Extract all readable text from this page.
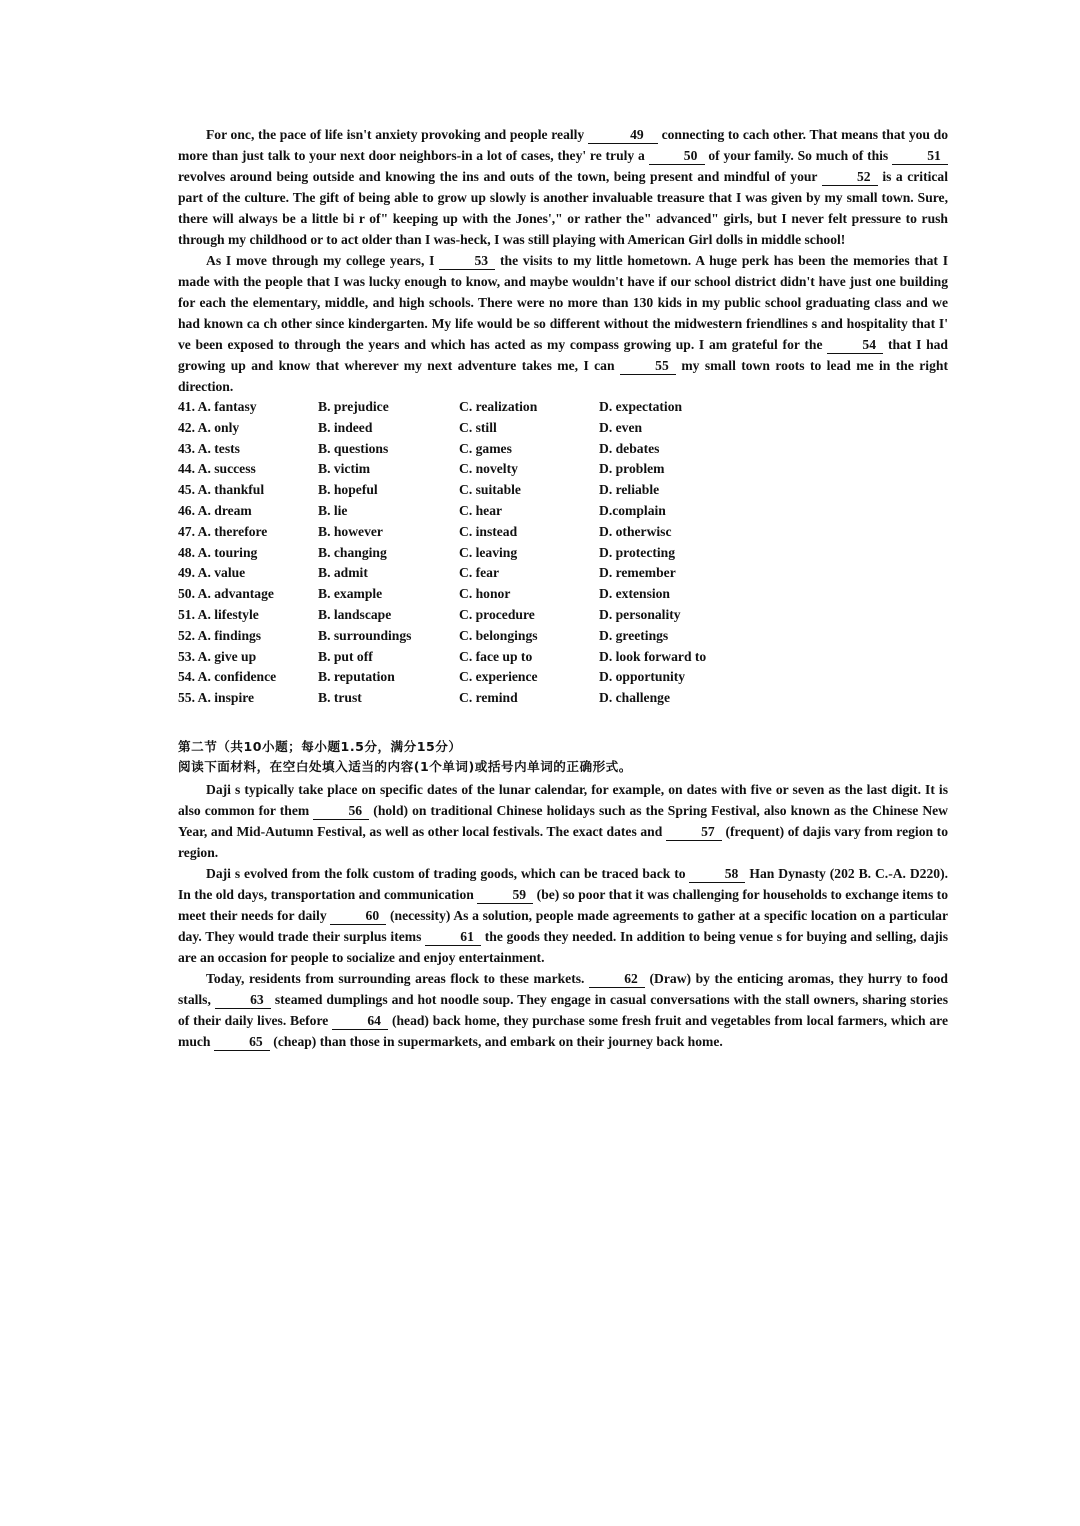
For onc, the pace of life isn't anxiety provoking and people really	49 connecting to cach other. That means that you do more than just talk to your next door neighbors-in a lot of cases, they' re truly a	50 of your family. So much of this	51 revolves around being outside and knowing the ins and outs of the town, being present and mindful of your	52 is a critical part of the culture. The gift of being able to grow up slowly is another invaluable treasure that I was given by my small town. Sure, there will always be a little bi r of" keeping up with the Jones'," or rather the" advanced" girls, but I never felt pressure to rush through my childhood or to act older than I was-heck, I was still playing with American Girl dolls in middle school!

As I move through my college years, I	53 the visits to my little hometown. A huge perk has been the memories that I made with the people that I was lucky enough to know, and maybe wouldn't have if our school district didn't have just one building for each the elementary, middle, and high schools. There were no more than 130 kids in my public school graduating class and we had known ca ch other since kindergarten. My life would be so different without the midwestern friendlines s and hospitality that I' ve been exposed to through the years and which has acted as my compass growing up. I am grateful for the	54 that I had growing up and know that wherever my next adventure takes me, I can	55 my small town roots to lead me in the right direction.

41. A. fantasy	B. prejudice	C. realization	D. expectation
42. A. only	B. indeed	C. still	D. even
43. A. tests	B. questions	C. games	D. debates
44. A. success	B. victim	C. novelty	D. problem
45. A. thankful	B. hopeful	C. suitable	D. reliable
46. A. dream	B. lie	C. hear	D.complain
47. A. therefore	B. however	C. instead	D. otherwisc
48. A. touring	B. changing	C. leaving	D. protecting
49. A. value	B. admit	C. fear	D. remember
50. A. advantage	B. example	C. honor	D. extension
51. A. lifestyle	B. landscape	C. procedure	D. personality
52. A. findings	B. surroundings	C. belongings	D. greetings
53. A. give up	B. put off	C. face up to	D. look forward to
54. A. confidence	B. reputation	C. experience	D. opportunity
55. A. inspire	B. trust	C. remind	D. challenge
第二节（共10小题；每小题1.5分，满分15分）
阅读下面材料，在空白处填入适当的内容(1个单词)或括号内单词的正确形式。

Daji s typically take place on specific dates of the lunar calendar, for example, on dates with five or seven as the last digit. It is also common for them	56 (hold) on traditional Chinese holidays such as the Spring Festival, also known as the Chinese New Year, and Mid-Autumn Festival, as well as other local festivals. The exact dates and	57 (frequent) of dajis vary from region to region.

Daji s evolved from the folk custom of trading goods, which can be traced back to	58 Han Dynasty (202 B. C.-A. D220). In the old days, transportation and communication	59 (be) so poor that it was challenging for households to exchange items to meet their needs for daily	60 (necessity) As a solution, people made agreements to gather at a specific location on a particular day. They would trade their surplus items	61 the goods they needed. In addition to being venue s for buying and selling, dajis are an occasion for people to socialize and enjoy entertainment.

Today, residents from surrounding areas flock to these markets.	62 (Draw) by the enticing aromas, they hurry to food stalls,	63 steamed dumplings and hot noodle soup. They engage in casual conversations with the stall owners, sharing stories of their daily lives. Before	64 (head) back home, they purchase some fresh fruit and vegetables from local farmers, which are much	65 (cheap) than those in supermarkets, and embark on their journey back home.
